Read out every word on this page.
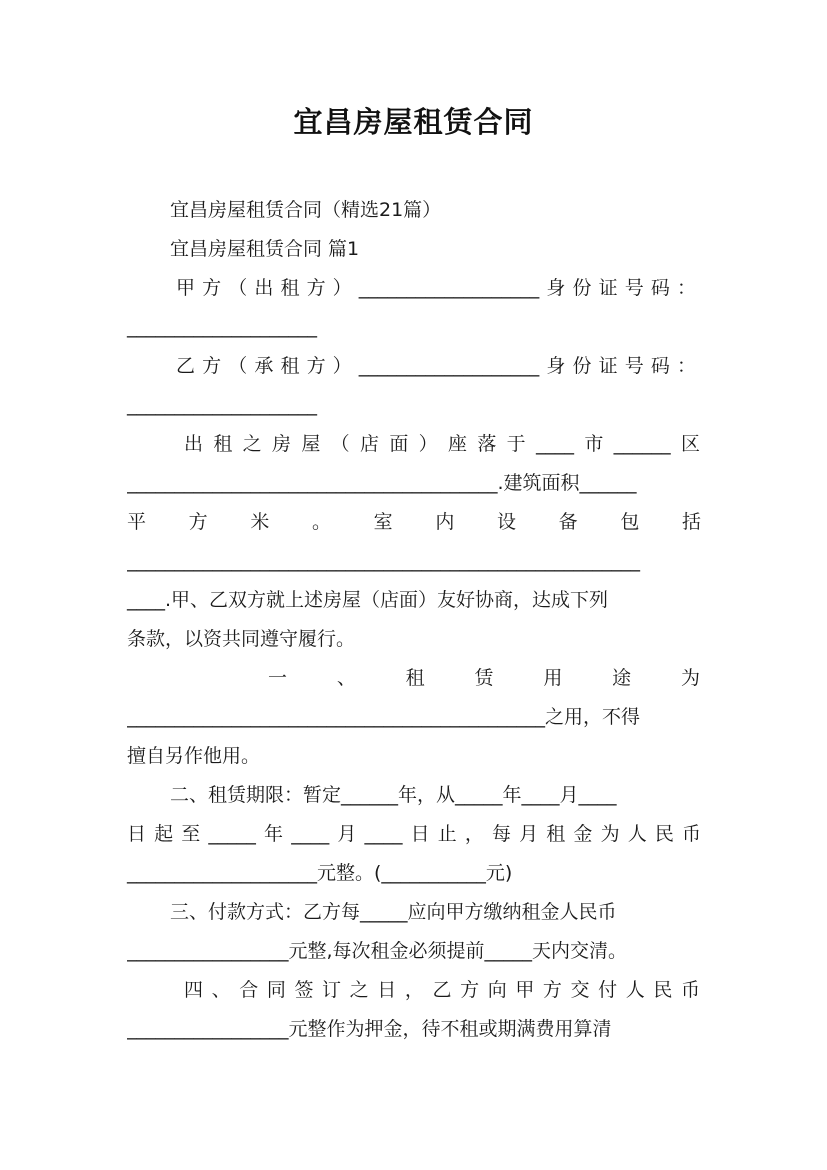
宜昌房屋租赁合同
宜昌房屋租赁合同（精选21篇）
宜昌房屋租赁合同 篇1
甲方（出租方）___________________身份证号码：
____________________
乙方（承租方）___________________身份证号码：
____________________
出租之房屋（店面）座落于____市______区
_______________________________________.建筑面积______
平方米。室内设备包括
______________________________________________________
____.甲、乙双方就上述房屋（店面）友好协商，达成下列
条款，以资共同遵守履行。
一、租赁用途为
____________________________________________之用，不得
擅自另作他用。
二、租赁期限：暂定______年，从_____年____月____
日起至_____年____月____日止，每月租金为人民币
____________________元整。(___________元)
三、付款方式：乙方每_____应向甲方缴纳租金人民币
_________________元整,每次租金必须提前_____天内交清。
四、合同签订之日，乙方向甲方交付人民币
_________________元整作为押金，待不租或期满费用算清
